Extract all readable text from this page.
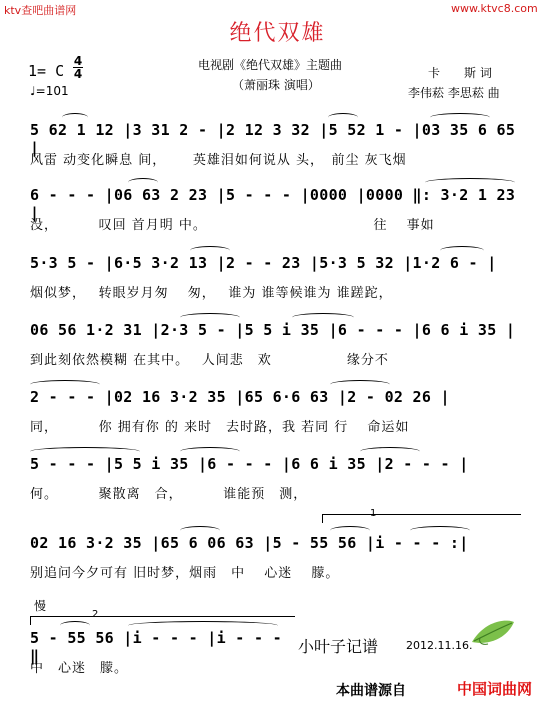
ktv查吧曲谱网	www.ktvc8.com
绝代双雄
电视剧《绝代双雄》主题曲
（萧丽珠 演唱）
1= C
4
4
♩=101
卡　　斯 词
李伟菘 李思菘 曲
5 62 1 12 |3 31 2 - |2 12 3 32 |5 52 1 - |03 35 6 65 |
风雷 动变化瞬息 间，　　 英雄泪如何说从 头，　前尘 灰飞烟
6 - - - |06 63 2 23 |5 - - - |0000 |0000 ‖: 3·2 1 23 |
没，　　　 叹回 首月明 中。　　　　　　　　　　　　 往　 事如
5·3 5 - |6·5 3·2 13 |2 - - 23 |5·3 5 32 |1·2 6 - |
烟似梦，　 转眼岁月匆　 匆，　 谁为 谁等候谁为 谁蹉跎，
06 56 1·2 31 |2·3 5 - |5 5 i 35 |6 - - - |6 6 i 35 |
到此刻依然模糊 在其中。　 人间悲　欢　　　　　 缘分不
2 - - - |02 16 3·2 35 |65 6·6 63 |2 - 02 26 |
同，　　　 你 拥有你 的 来时　去时路，我 若同 行　 命运如
5 - - - |5 5 i 35 |6 - - - |6 6 i 35 |2 - - - |
何。　　　 聚散离　合，　　　 谁能预　测，
1
02 16 3·2 35 |65 6 06 63 |5 - 55 56 |i - - - :|
别追问今夕可有 旧时梦，烟雨　中　 心迷　 朦。
慢
2
5 - 55 56 |i - - - |i - - - ‖
中　心迷　朦。
小叶子记谱	2012.11.16.
本曲谱源自	中国词曲网
